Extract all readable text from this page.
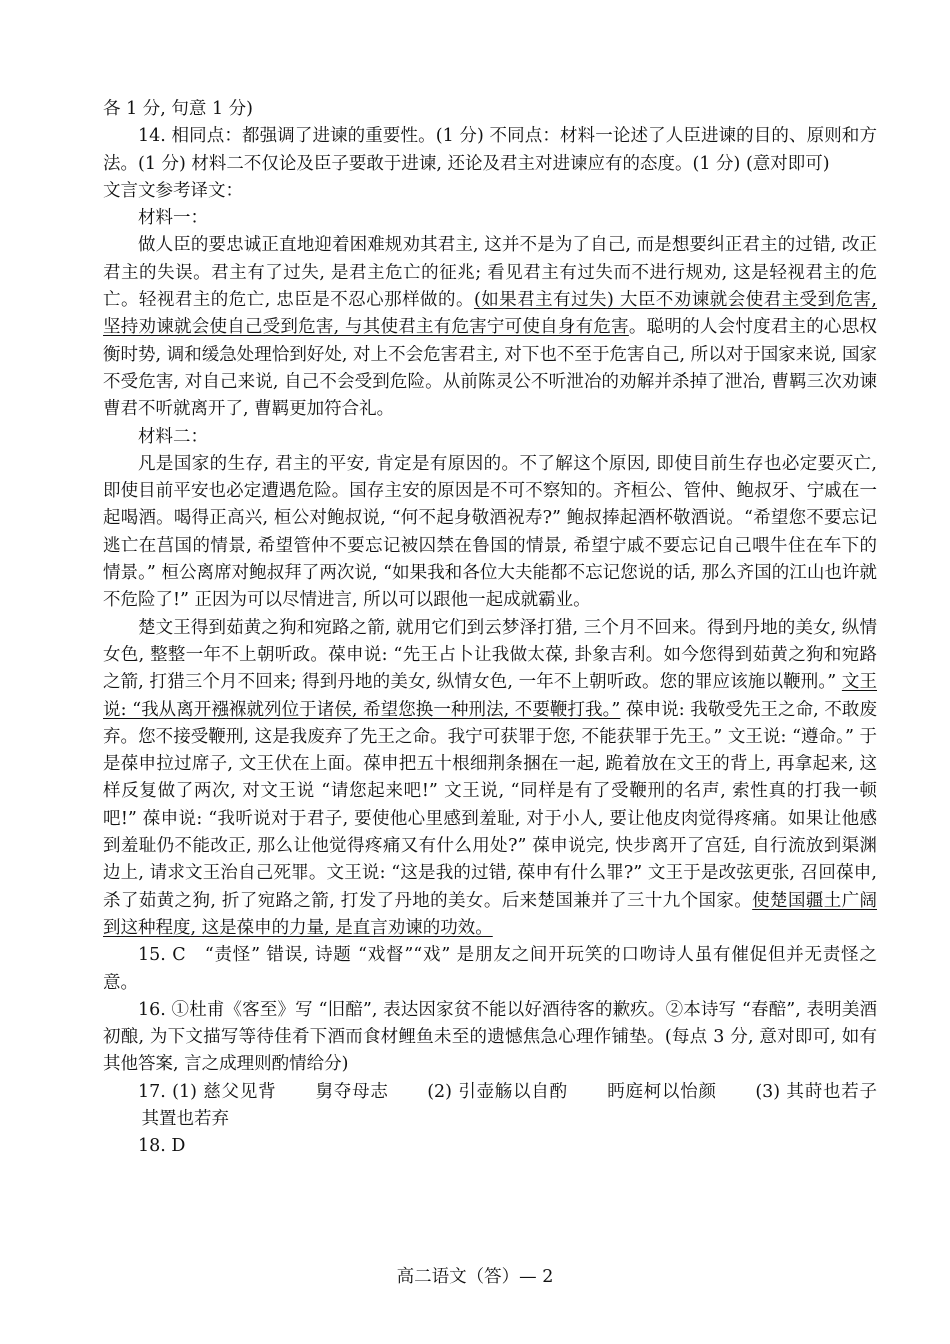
各 1 分, 句意 1 分)

14. 相同点：都强调了进谏的重要性。(1 分) 不同点：材料一论述了人臣进谏的目的、原则和方法。(1 分) 材料二不仅论及臣子要敢于进谏, 还论及君主对进谏应有的态度。(1 分) (意对即可)

文言文参考译文：

材料一：

做人臣的要忠诚正直地迎着困难规劝其君主, 这并不是为了自己, 而是想要纠正君主的过错, 改正君主的失误。君主有了过失, 是君主危亡的征兆; 看见君主有过失而不进行规劝, 这是轻视君主的危亡。轻视君主的危亡, 忠臣是不忍心那样做的。(如果君主有过失) 大臣不劝谏就会使君主受到危害, 坚持劝谏就会使自己受到危害, 与其使君主有危害宁可使自身有危害。聪明的人会忖度君主的心思权衡时势, 调和缓急处理恰到好处, 对上不会危害君主, 对下也不至于危害自己, 所以对于国家来说, 国家不受危害, 对自己来说, 自己不会受到危险。从前陈灵公不听泄冶的劝解并杀掉了泄冶, 曹羁三次劝谏曹君不听就离开了, 曹羁更加符合礼。

材料二：

凡是国家的生存, 君主的平安, 肯定是有原因的。不了解这个原因, 即使目前生存也必定要灭亡, 即使目前平安也必定遭遇危险。国存主安的原因是不可不察知的。齐桓公、管仲、鲍叔牙、宁戚在一起喝酒。喝得正高兴, 桓公对鲍叔说, “何不起身敬酒祝寿?” 鲍叔捧起酒杯敬酒说。“希望您不要忘记逃亡在莒国的情景, 希望管仲不要忘记被囚禁在鲁国的情景, 希望宁戚不要忘记自己喂牛住在车下的情景。” 桓公离席对鲍叔拜了两次说, “如果我和各位大夫能都不忘记您说的话, 那么齐国的江山也许就不危险了!” 正因为可以尽情进言, 所以可以跟他一起成就霸业。

楚文王得到茹黄之狗和宛路之箭, 就用它们到云梦泽打猎, 三个月不回来。得到丹地的美女, 纵情女色, 整整一年不上朝听政。葆申说: “先王占卜让我做太葆, 卦象吉利。如今您得到茹黄之狗和宛路之箭, 打猎三个月不回来; 得到丹地的美女, 纵情女色, 一年不上朝听政。您的罪应该施以鞭刑。” 文王说: “我从离开襁褓就列位于诸侯, 希望您换一种刑法, 不要鞭打我。” 葆申说: 我敬受先王之命, 不敢废弃。您不接受鞭刑, 这是我废弃了先王之命。我宁可获罪于您, 不能获罪于先王。” 文王说: “遵命。” 于是葆申拉过席子, 文王伏在上面。葆申把五十根细荆条捆在一起, 跪着放在文王的背上, 再拿起来, 这样反复做了两次, 对文王说 “请您起来吧!” 文王说, “同样是有了受鞭刑的名声, 索性真的打我一顿吧!” 葆申说: “我听说对于君子, 要使他心里感到羞耻, 对于小人, 要让他皮肉觉得疼痛。如果让他感到羞耻仍不能改正, 那么让他觉得疼痛又有什么用处?” 葆申说完, 快步离开了宫廷, 自行流放到渠渊边上, 请求文王治自己死罪。文王说: “这是我的过错, 葆申有什么罪?” 文王于是改弦更张, 召回葆申, 杀了茹黄之狗, 折了宛路之箭, 打发了丹地的美女。后来楚国兼并了三十九个国家。使楚国疆土广阔到这种程度, 这是葆申的力量, 是直言劝谏的功效。

15. C　“责怪” 错误, 诗题 “戏督”“戏” 是朋友之间开玩笑的口吻诗人虽有催促但并无责怪之意。

16. ①杜甫《客至》写 “旧醅”, 表达因家贫不能以好酒待客的歉疚。②本诗写 “春醅”, 表明美酒初酿, 为下文描写等待佳肴下酒而食材鲤鱼未至的遗憾焦急心理作铺垫。(每点 3 分, 意对即可, 如有其他答案, 言之成理则酌情给分)

17. (1) 慈父见背 舅夺母志 (2) 引壶觞以自酌 眄庭柯以怡颜 (3) 其莳也若子其置也若弃

18. D

高二语文（答）— 2
